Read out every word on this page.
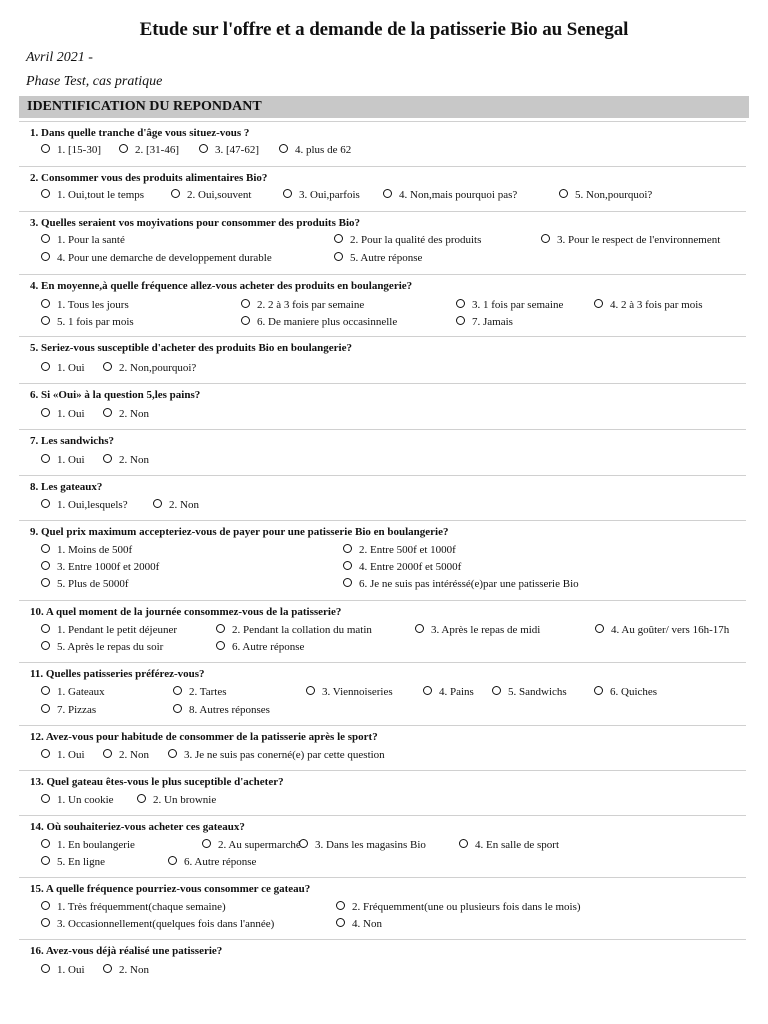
Etude sur l'offre et a demande de la patisserie Bio au Senegal
Avril 2021 -
Phase Test, cas pratique
IDENTIFICATION DU REPONDANT
1. Dans quelle tranche d'âge vous situez-vous ?
1. [15-30]	2. [31-46]	3. [47-62]	4. plus de 62
2. Consommer vous des produits alimentaires Bio?
1. Oui,tout le temps	2. Oui,souvent	3. Oui,parfois	4. Non,mais pourquoi pas?	5. Non,pourquoi?
3. Quelles seraient vos moyivations pour consommer des produits Bio?
1. Pour la santé	2. Pour la qualité des produits	3. Pour le respect de l'environnement
4. Pour une demarche de developpement durable	5. Autre réponse
4. En moyenne,à quelle fréquence allez-vous acheter des produits en boulangerie?
1. Tous les jours	2. 2 à 3 fois par semaine	3. 1 fois par semaine	4. 2 à 3 fois par mois
5. 1 fois par mois	6. De maniere plus occasinnelle	7. Jamais
5. Seriez-vous susceptible d'acheter des produits Bio en boulangerie?
1. Oui	2. Non,pourquoi?
6. Si «Oui» à la question 5,les pains?
1. Oui	2. Non
7. Les sandwichs?
1. Oui	2. Non
8. Les gateaux?
1. Oui,lesquels?	2. Non
9. Quel prix maximum accepteriez-vous de payer pour une patisserie Bio en boulangerie?
1. Moins de 500f	2. Entre 500f et 1000f
3. Entre 1000f et 2000f	4. Entre 2000f et 5000f
5. Plus de 5000f	6. Je ne suis pas intéréssé(e)par une patisserie Bio
10. A quel moment de la journée consommez-vous de la patisserie?
1. Pendant le petit déjeuner	2. Pendant la collation du matin	3. Après le repas de midi	4. Au goûter/ vers 16h-17h
5. Après le repas du soir	6. Autre réponse
11. Quelles patisseries préférez-vous?
1. Gateaux	2. Tartes	3. Viennoiseries	4. Pains	5. Sandwichs	6. Quiches
7. Pizzas	8. Autres réponses
12. Avez-vous pour habitude de consommer de la patisserie après le sport?
1. Oui	2. Non	3. Je ne suis pas conerné(e) par cette question
13. Quel gateau êtes-vous le plus suceptible d'acheter?
1. Un cookie	2. Un brownie
14. Où souhaiteriez-vous acheter ces gateaux?
1. En boulangerie	2. Au supermarché	3. Dans les magasins Bio	4. En salle de sport
5. En ligne	6. Autre réponse
15. A quelle fréquence pourriez-vous consommer ce gateau?
1. Très fréquemment(chaque semaine)	2. Fréquemment(une ou plusieurs fois dans le mois)
3. Occasionnellement(quelques fois dans l'année)	4. Non
16. Avez-vous déjà réalisé une patisserie?
1. Oui	2. Non
